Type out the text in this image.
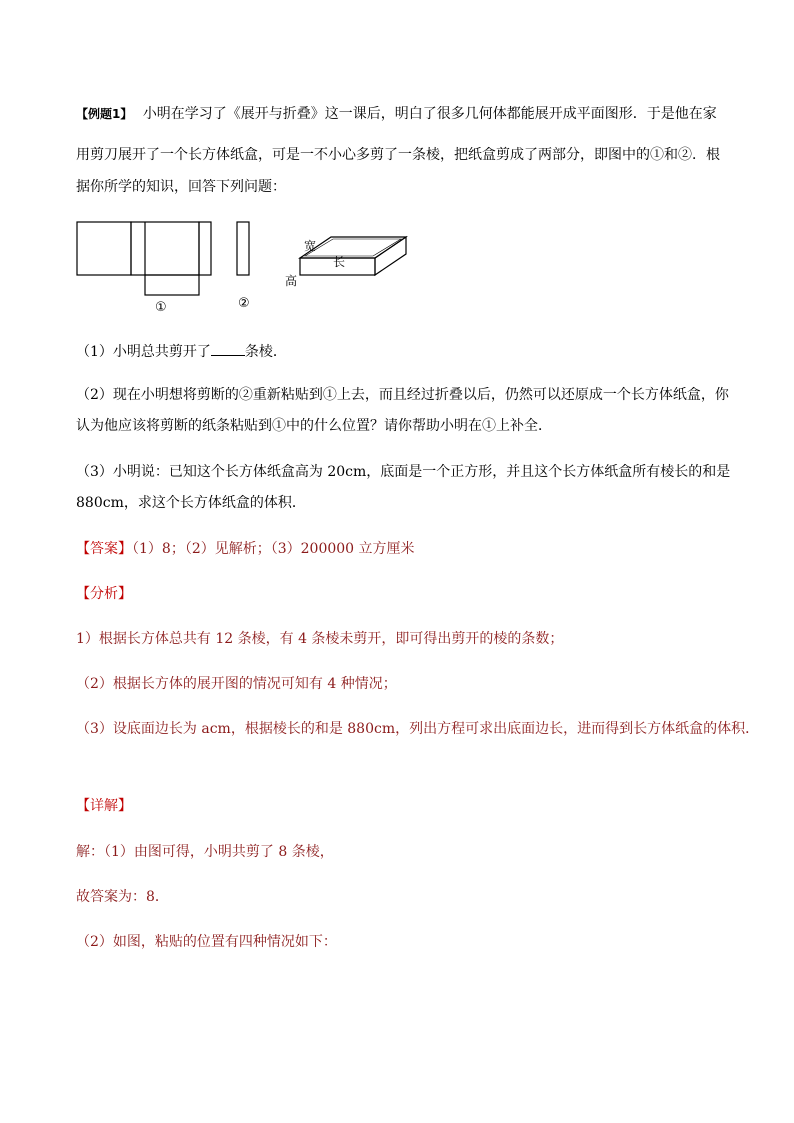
【例题1】 小明在学习了《展开与折叠》这一课后，明白了很多几何体都能展开成平面图形．于是他在家
用剪刀展开了一个长方体纸盒，可是一不小心多剪了一条棱，把纸盒剪成了两部分，即图中的①和②．根
据你所学的知识，回答下列问题：
①	②
宽
长
高
（1）小明总共剪开了 条棱．
（2）现在小明想将剪断的②重新粘贴到①上去，而且经过折叠以后，仍然可以还原成一个长方体纸盒，你
认为他应该将剪断的纸条粘贴到①中的什么位置？请你帮助小明在①上补全．
（3）小明说：已知这个长方体纸盒高为 20cm，底面是一个正方形，并且这个长方体纸盒所有棱长的和是
880cm，求这个长方体纸盒的体积．
【答案】（1）8；（2）见解析；（3）200000 立方厘米
【分析】
1）根据长方体总共有 12 条棱，有 4 条棱未剪开，即可得出剪开的棱的条数；
（2）根据长方体的展开图的情况可知有 4 种情况；
（3）设底面边长为 acm，根据棱长的和是 880cm，列出方程可求出底面边长，进而得到长方体纸盒的体积．
【详解】
解：（1）由图可得，小明共剪了 8 条棱，
故答案为：8．
（2）如图，粘贴的位置有四种情况如下：
